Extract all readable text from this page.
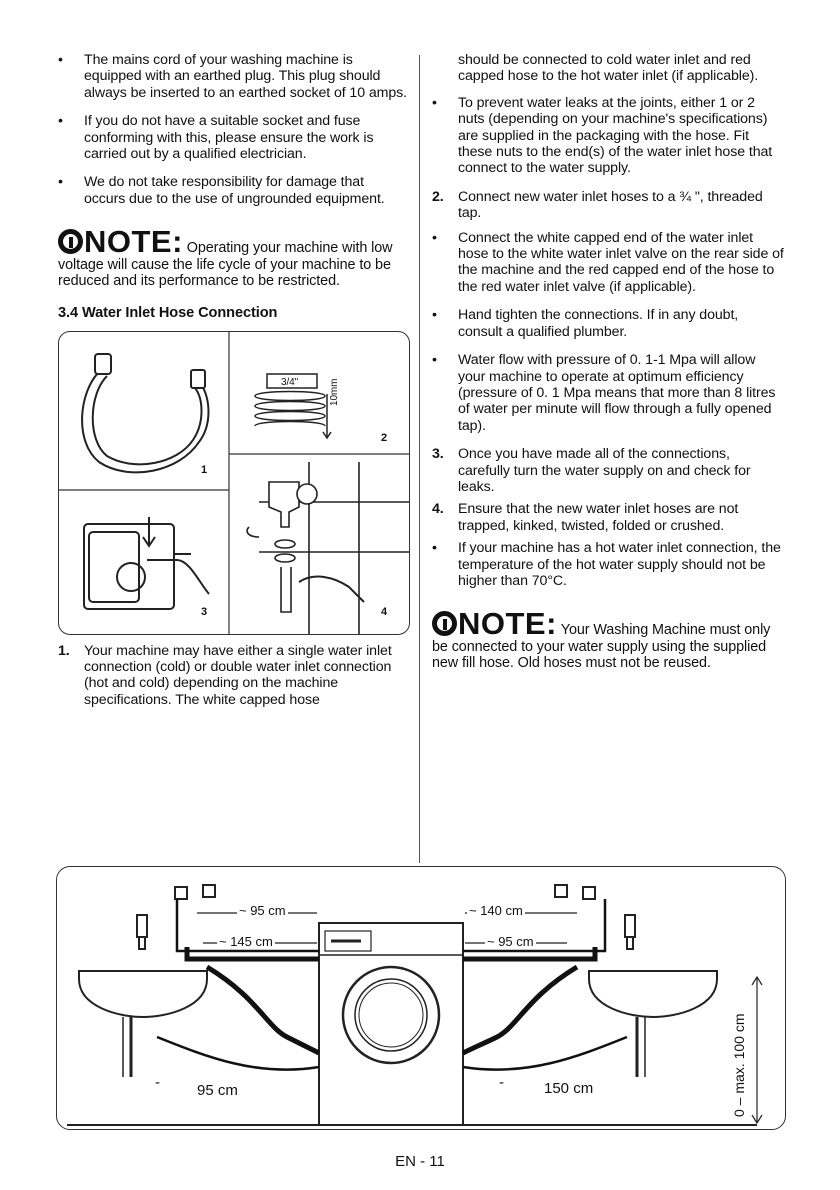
•	The mains cord of your washing machine is equipped with an earthed plug. This plug should always be inserted to an earthed socket of 10 amps.
•	If you do not have a suitable socket and fuse conforming with this, please ensure the work is carried out by a qualified electrician.
•	We do not take responsibility for damage that occurs due to the use of ungrounded equipment.
NOTE: Operating your machine with low voltage will cause the life cycle of your machine to be reduced and its performance to be restricted.
3.4 Water Inlet Hose Connection
1
2
3	4
3/4"	10mm
1.	Your machine may have either a single water inlet connection (cold) or double water inlet connection (hot and cold) depending on the machine specifications. The white capped hose
should be connected to cold water inlet and red capped hose to the hot water inlet (if applicable).
•	To prevent water leaks at the joints, either 1 or 2 nuts (depending on your machine's specifications) are supplied in the packaging with the hose. Fit these nuts to the end(s) of the water inlet hose that connect to the water supply.
2.	Connect new water inlet hoses to a ¾ ", threaded tap.
•	Connect the white capped end of the water inlet hose to the white water inlet valve on the rear side of the machine and the red capped end of the hose to the red water inlet valve (if applicable).
•	Hand tighten the connections. If in any doubt, consult a qualified plumber.
•	Water flow with pressure of 0. 1-1 Mpa will allow your machine to operate at optimum efficiency (pressure of 0. 1 Mpa means that more than 8 litres of water per minute will flow through a fully opened tap).
3.	Once you have made all of the connections, carefully turn the water supply on and check for leaks.
4.	Ensure that the new water inlet hoses are not trapped, kinked, twisted, folded or crushed.
•	If your machine has a hot water inlet connection, the temperature of the hot water supply should not be higher than 70°C.
NOTE: Your Washing Machine must only be connected to your water supply using the supplied new fill hose. Old hoses must not be reused.
~ 95 cm
~ 145 cm
~ 140 cm
~ 95 cm
- 95 cm	-	150 cm	0 – max. 100 cm
EN - 11
